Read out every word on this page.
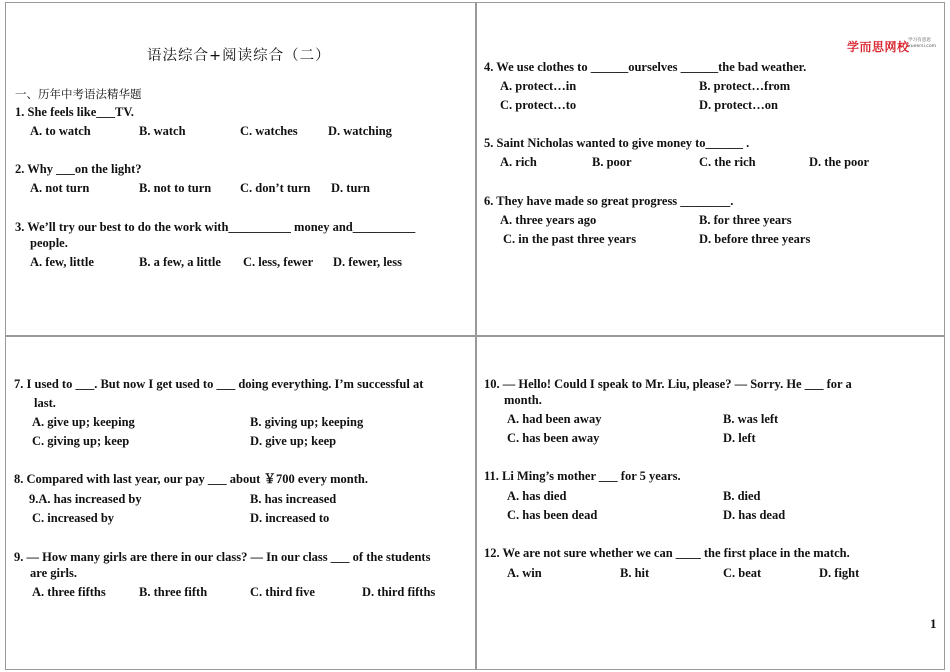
语法综合+阅读综合（二）
一、历年中考语法精华题
1. She feels like___TV.
A. to watch	B. watch	C. watches D. watching
2. Why ___on the light?
A. not turn	B. not to turn C. don’t turn D. turn
3. We’ll try our best to do the work with__________ money and__________
people.
A. few, little	B. a few, a little C. less, fewer D. fewer, less
学而思网校
学习有意思
xueersi.com
4. We use clothes to ______ourselves ______the bad weather.
A. protect…in	B. protect…from
C. protect…to	D. protect…on
5. Saint Nicholas wanted to give money to______ .
A. rich	B. poor	C. the rich	D. the poor
6. They have made so great progress ________.
A. three years ago	B. for three years
C. in the past three years	D. before three years
7. I used to ___. But now I get used to ___ doing everything. I’m successful at
last.
A. give up; keeping	B. giving up; keeping
C. giving up; keep	D. give up; keep
8. Compared with last year, our pay ___ about ￥700 every month.
9.A. has increased by	B. has increased
C. increased by	D. increased to
9. — How many girls are there in our class? — In our class ___ of the students
are girls.
A. three fifths	B. three fifth	C. third five	D. third fifths
10. — Hello! Could I speak to Mr. Liu, please? — Sorry. He ___ for a
month.
A. had been away	B. was left
C. has been away	D. left
11. Li Ming’s mother ___ for 5 years.
A. has died	B. died
C. has been dead	D. has dead
12. We are not sure whether we can ____ the first place in the match.
A. win	B. hit	C. beat	D. fight
1
